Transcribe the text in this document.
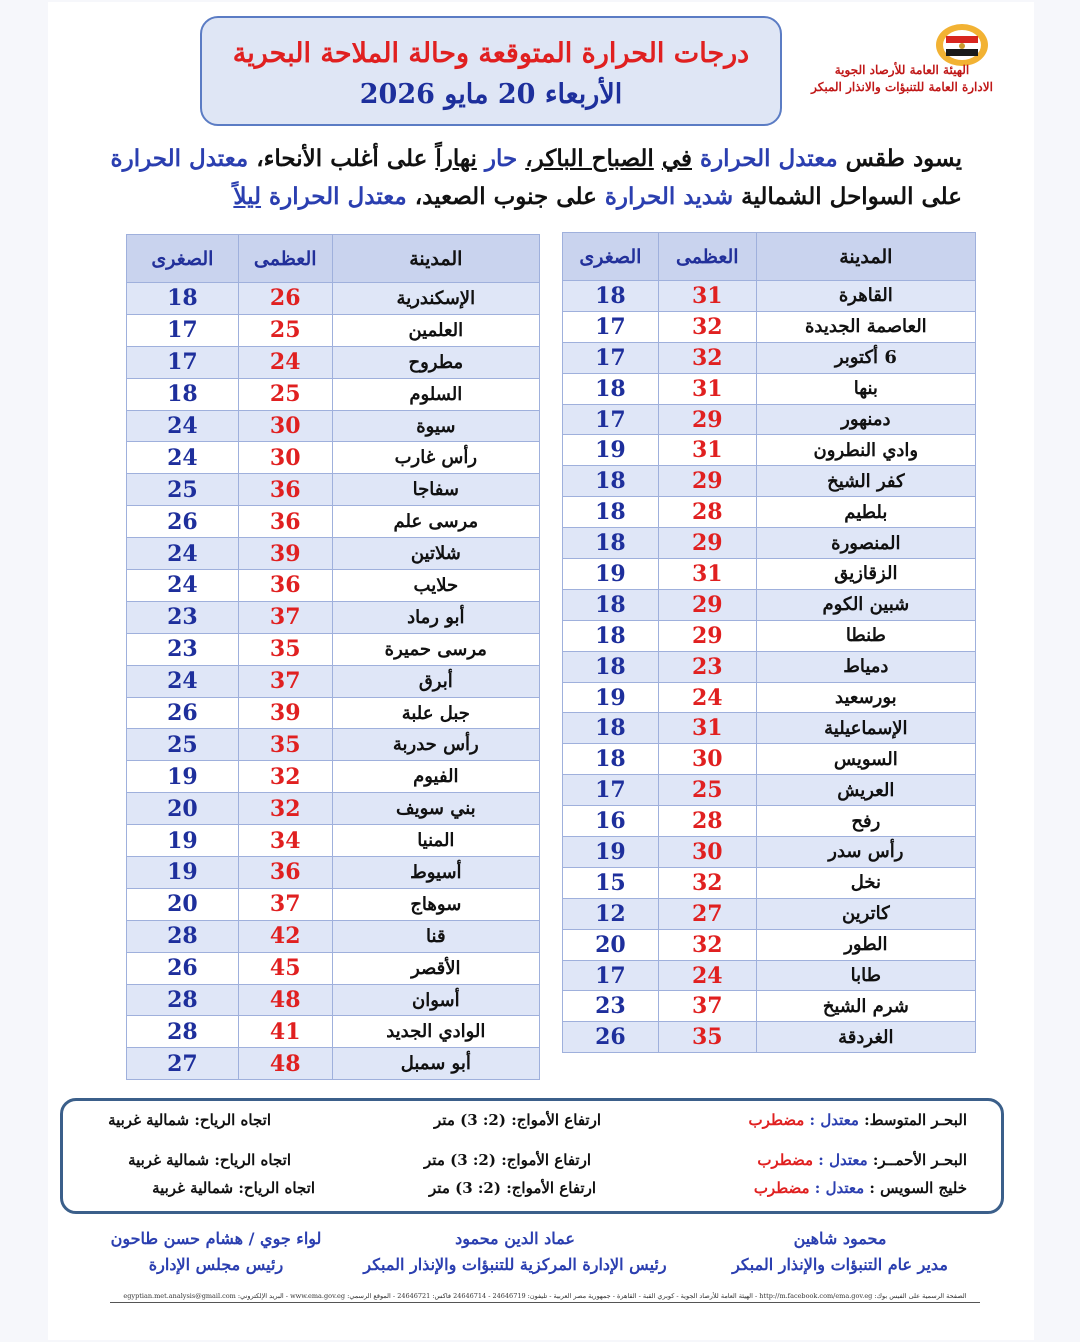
الهيئة العامة للأرصاد الجوية
الادارة العامة للتنبؤات والانذار المبكر
درجات الحرارة المتوقعة وحالة الملاحة البحرية
الأربعاء 20 مايو 2026
يسود طقس معتدل الحرارة في الصباح الباكر، حار نهاراً على أغلب الأنحاء، معتدل الحرارة على السواحل الشمالية شديد الحرارة على جنوب الصعيد، معتدل الحرارة ليلاً
المدينة	العظمى	الصغرى
القاهرة	31	18
العاصمة الجديدة	32	17
6 أكتوبر	32	17
بنها	31	18
دمنهور	29	17
وادي النطرون	31	19
كفر الشيخ	29	18
بلطيم	28	18
المنصورة	29	18
الزقازيق	31	19
شبين الكوم	29	18
طنطا	29	18
دمياط	23	18
بورسعيد	24	19
الإسماعيلية	31	18
السويس	30	18
العريش	25	17
رفح	28	16
رأس سدر	30	19
نخل	32	15
كاترين	27	12
الطور	32	20
طابا	24	17
شرم الشيخ	37	23
الغردقة	35	26
المدينة	العظمى	الصغرى
الإسكندرية	26	18
العلمين	25	17
مطروح	24	17
السلوم	25	18
سيوة	30	24
رأس غارب	30	24
سفاجا	36	25
مرسى علم	36	26
شلاتين	39	24
حلايب	36	24
أبو رماد	37	23
مرسى حميرة	35	23
أبرق	37	24
جبل علبة	39	26
رأس حدربة	35	25
الفيوم	32	19
بني سويف	32	20
المنيا	34	19
أسيوط	36	19
سوهاج	37	20
قنا	42	28
الأقصر	45	26
أسوان	48	28
الوادي الجديد	41	28
أبو سمبل	48	27
البحـر المتوسط: معتدل : مضطرب
ارتفاع الأمواج: (2: 3) متر
اتجاه الرياح: شمالية غربية
البحـر الأحمــر: معتدل : مضطرب
ارتفاع الأمواج: (2: 3) متر
اتجاه الرياح: شمالية غربية
خليج السويس : معتدل : مضطرب
ارتفاع الأمواج: (2: 3) متر
اتجاه الرياح: شمالية غربية
محمود شاهين
مدير عام التنبؤات والإنذار المبكر
عماد الدين محمود
رئيس الإدارة المركزية للتنبؤات والإنذار المبكر
لواء جوي / هشام حسن طاحون
رئيس مجلس الإدارة
الصفحة الرسمية على الفيس بوك: http://m.facebook.com/ema.gov.eg - الهيئة العامة للأرصاد الجوية - كوبري القبة - القاهرة - جمهورية مصر العربية - تليفون: 24646719 - 24646714 فاكس: 24646721 - الموقع الرسمي: www.ema.gov.eg - البريد الإلكتروني: egyptian.met.analysis@gmail.com
